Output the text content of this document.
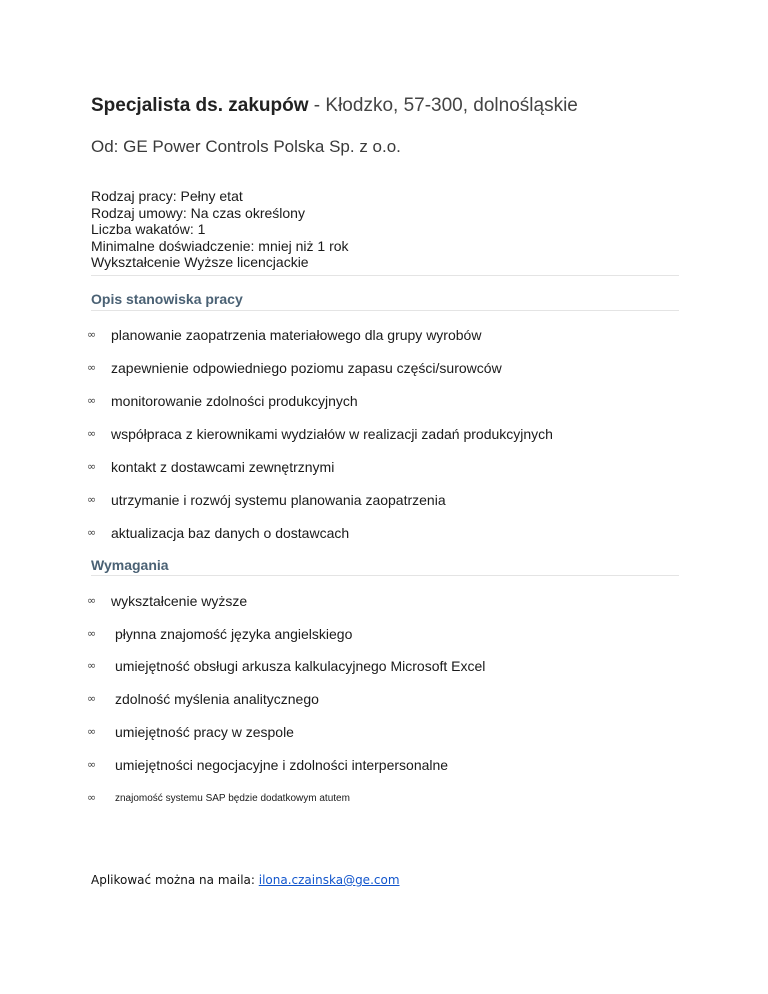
Specjalista ds. zakupów - Kłodzko, 57-300, dolnośląskie
Od: GE Power Controls Polska Sp. z o.o.
Rodzaj pracy: Pełny etat
Rodzaj umowy: Na czas określony
Liczba wakatów: 1
Minimalne doświadczenie: mniej niż 1 rok
Wykształcenie Wyższe licencjackie
Opis stanowiska pracy
∞ planowanie zaopatrzenia materiałowego dla grupy wyrobów
∞ zapewnienie odpowiedniego poziomu zapasu części/surowców
∞ monitorowanie zdolności produkcyjnych
∞ współpraca z kierownikami wydziałów w realizacji zadań produkcyjnych
∞ kontakt z dostawcami zewnętrznymi
∞ utrzymanie i rozwój systemu planowania zaopatrzenia
∞ aktualizacja baz danych o dostawcach
Wymagania
∞ wykształcenie wyższe
∞ płynna znajomość języka angielskiego
∞ umiejętność obsługi arkusza kalkulacyjnego Microsoft Excel
∞ zdolność myślenia analitycznego
∞ umiejętność pracy w zespole
∞ umiejętności negocjacyjne i zdolności interpersonalne
∞ znajomość systemu SAP będzie dodatkowym atutem
Aplikować można na maila: ilona.czainska@ge.com
